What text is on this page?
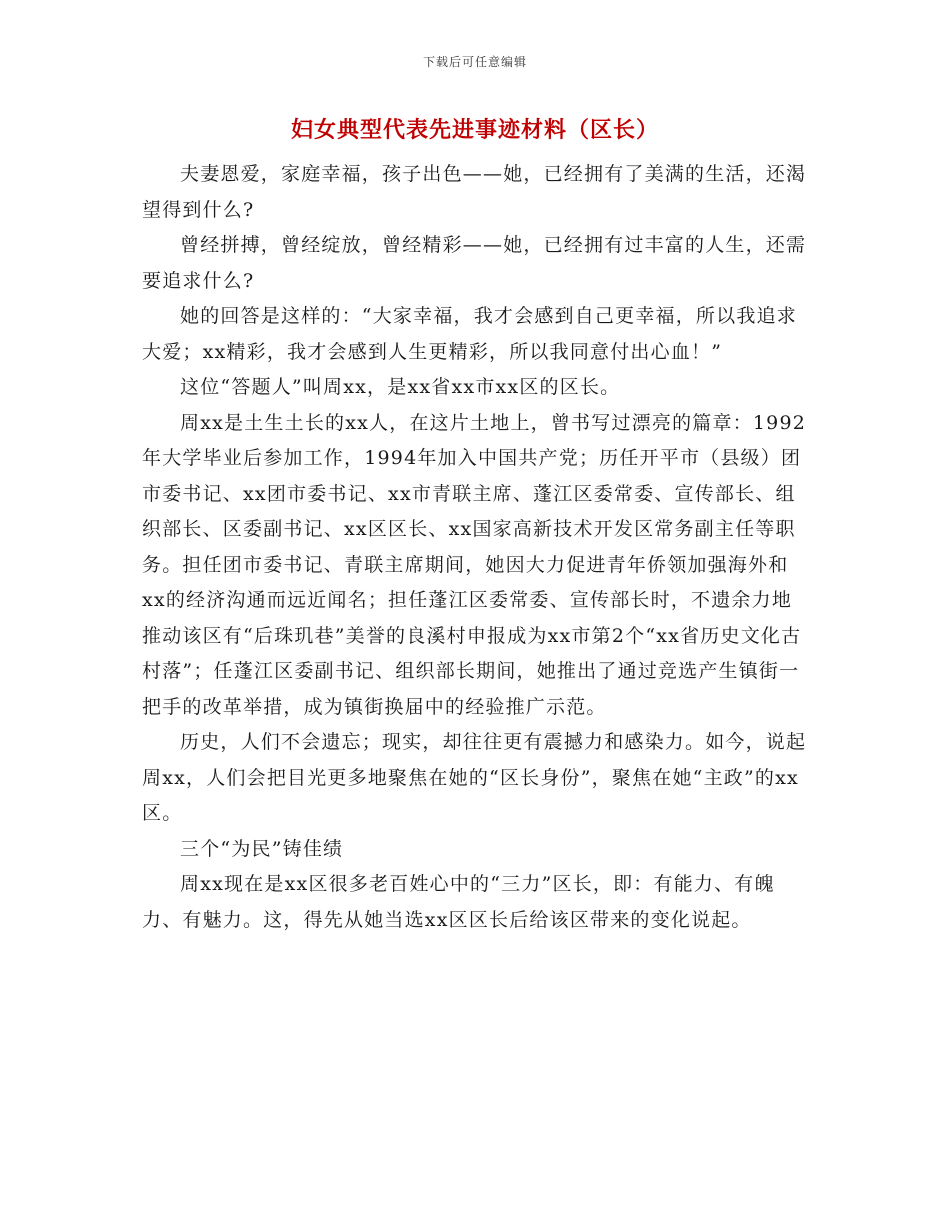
下载后可任意编辑
妇女典型代表先进事迹材料（区长）

夫妻恩爱，家庭幸福，孩子出色——她，已经拥有了美满的生活，还渴望得到什么?

曾经拼搏，曾经绽放，曾经精彩——她，已经拥有过丰富的人生，还需要追求什么?

她的回答是这样的：“大家幸福，我才会感到自己更幸福，所以我追求大爱；xx精彩，我才会感到人生更精彩，所以我同意付出心血！”

这位“答题人”叫周xx，是xx省xx市xx区的区长。

周xx是土生土长的xx人，在这片土地上，曾书写过漂亮的篇章：1992年大学毕业后参加工作，1994年加入中国共产党；历任开平市（县级）团市委书记、xx团市委书记、xx市青联主席、蓬江区委常委、宣传部长、组织部长、区委副书记、xx区区长、xx国家高新技术开发区常务副主任等职务。担任团市委书记、青联主席期间，她因大力促进青年侨领加强海外和xx的经济沟通而远近闻名；担任蓬江区委常委、宣传部长时，不遗余力地推动该区有“后珠玑巷”美誉的良溪村申报成为xx市第2个“xx省历史文化古村落”；任蓬江区委副书记、组织部长期间，她推出了通过竞选产生镇街一把手的改革举措，成为镇街换届中的经验推广示范。

历史，人们不会遗忘；现实，却往往更有震撼力和感染力。如今，说起周xx，人们会把目光更多地聚焦在她的“区长身份”，聚焦在她“主政”的xx区。

三个“为民”铸佳绩

周xx现在是xx区很多老百姓心中的“三力”区长，即：有能力、有魄力、有魅力。这，得先从她当选xx区区长后给该区带来的变化说起。
